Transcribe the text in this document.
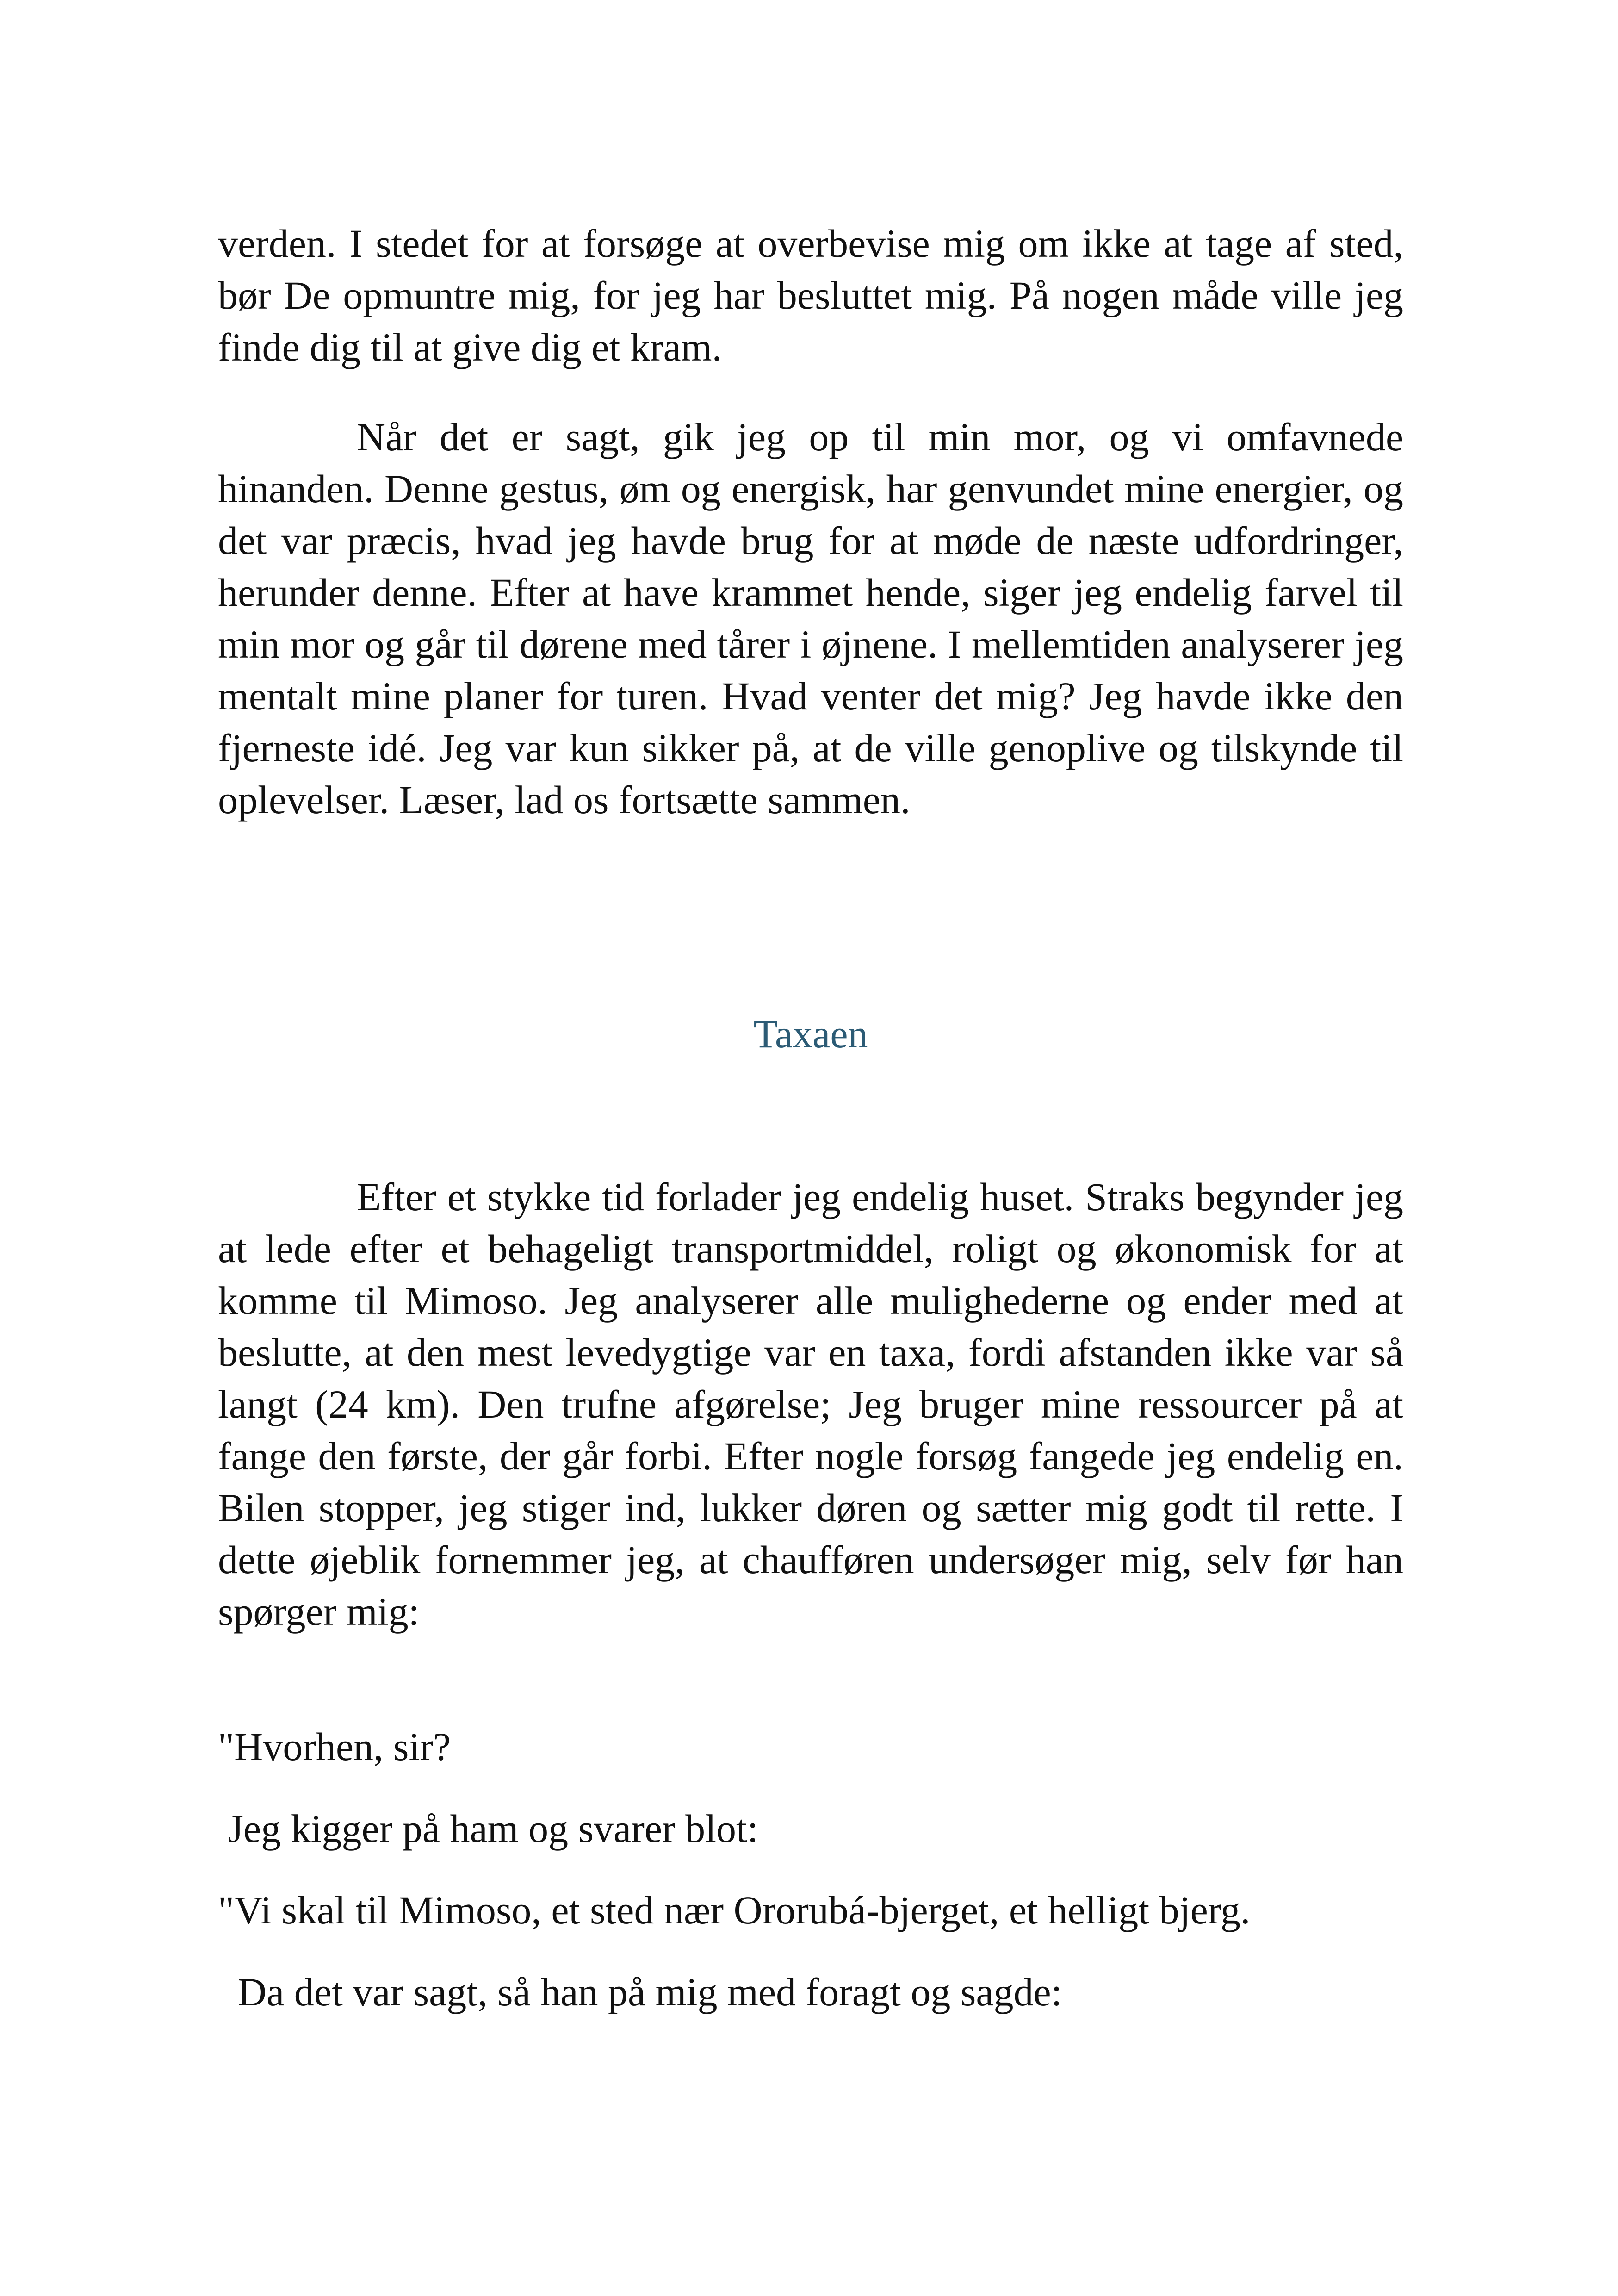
verden. I stedet for at forsøge at overbevise mig om ikke at tage af sted, bør De opmuntre mig, for jeg har besluttet mig. På nogen måde ville jeg finde dig til at give dig et kram.

Når det er sagt, gik jeg op til min mor, og vi omfavnede hinanden. Denne gestus, øm og energisk, har genvundet mine energier, og det var præcis, hvad jeg havde brug for at møde de næste udfordringer, herunder denne. Efter at have krammet hende, siger jeg endelig farvel til min mor og går til dørene med tårer i øjnene. I mellemtiden analyserer jeg mentalt mine planer for turen. Hvad venter det mig? Jeg havde ikke den fjerneste idé. Jeg var kun sikker på, at de ville genoplive og tilskynde til oplevelser. Læser, lad os fortsætte sammen.

Taxaen

Efter et stykke tid forlader jeg endelig huset. Straks begynder jeg at lede efter et behageligt transportmiddel, roligt og økonomisk for at komme til Mimoso. Jeg analyserer alle mulighederne og ender med at beslutte, at den mest levedygtige var en taxa, fordi afstanden ikke var så langt (24 km). Den trufne afgørelse; Jeg bruger mine ressourcer på at fange den første, der går forbi. Efter nogle forsøg fangede jeg endelig en. Bilen stopper, jeg stiger ind, lukker døren og sætter mig godt til rette. I dette øjeblik fornemmer jeg, at chaufføren undersøger mig, selv før han spørger mig:

"Hvorhen, sir?

Jeg kigger på ham og svarer blot:

"Vi skal til Mimoso, et sted nær Ororubá-bjerget, et helligt bjerg.

Da det var sagt, så han på mig med foragt og sagde:
